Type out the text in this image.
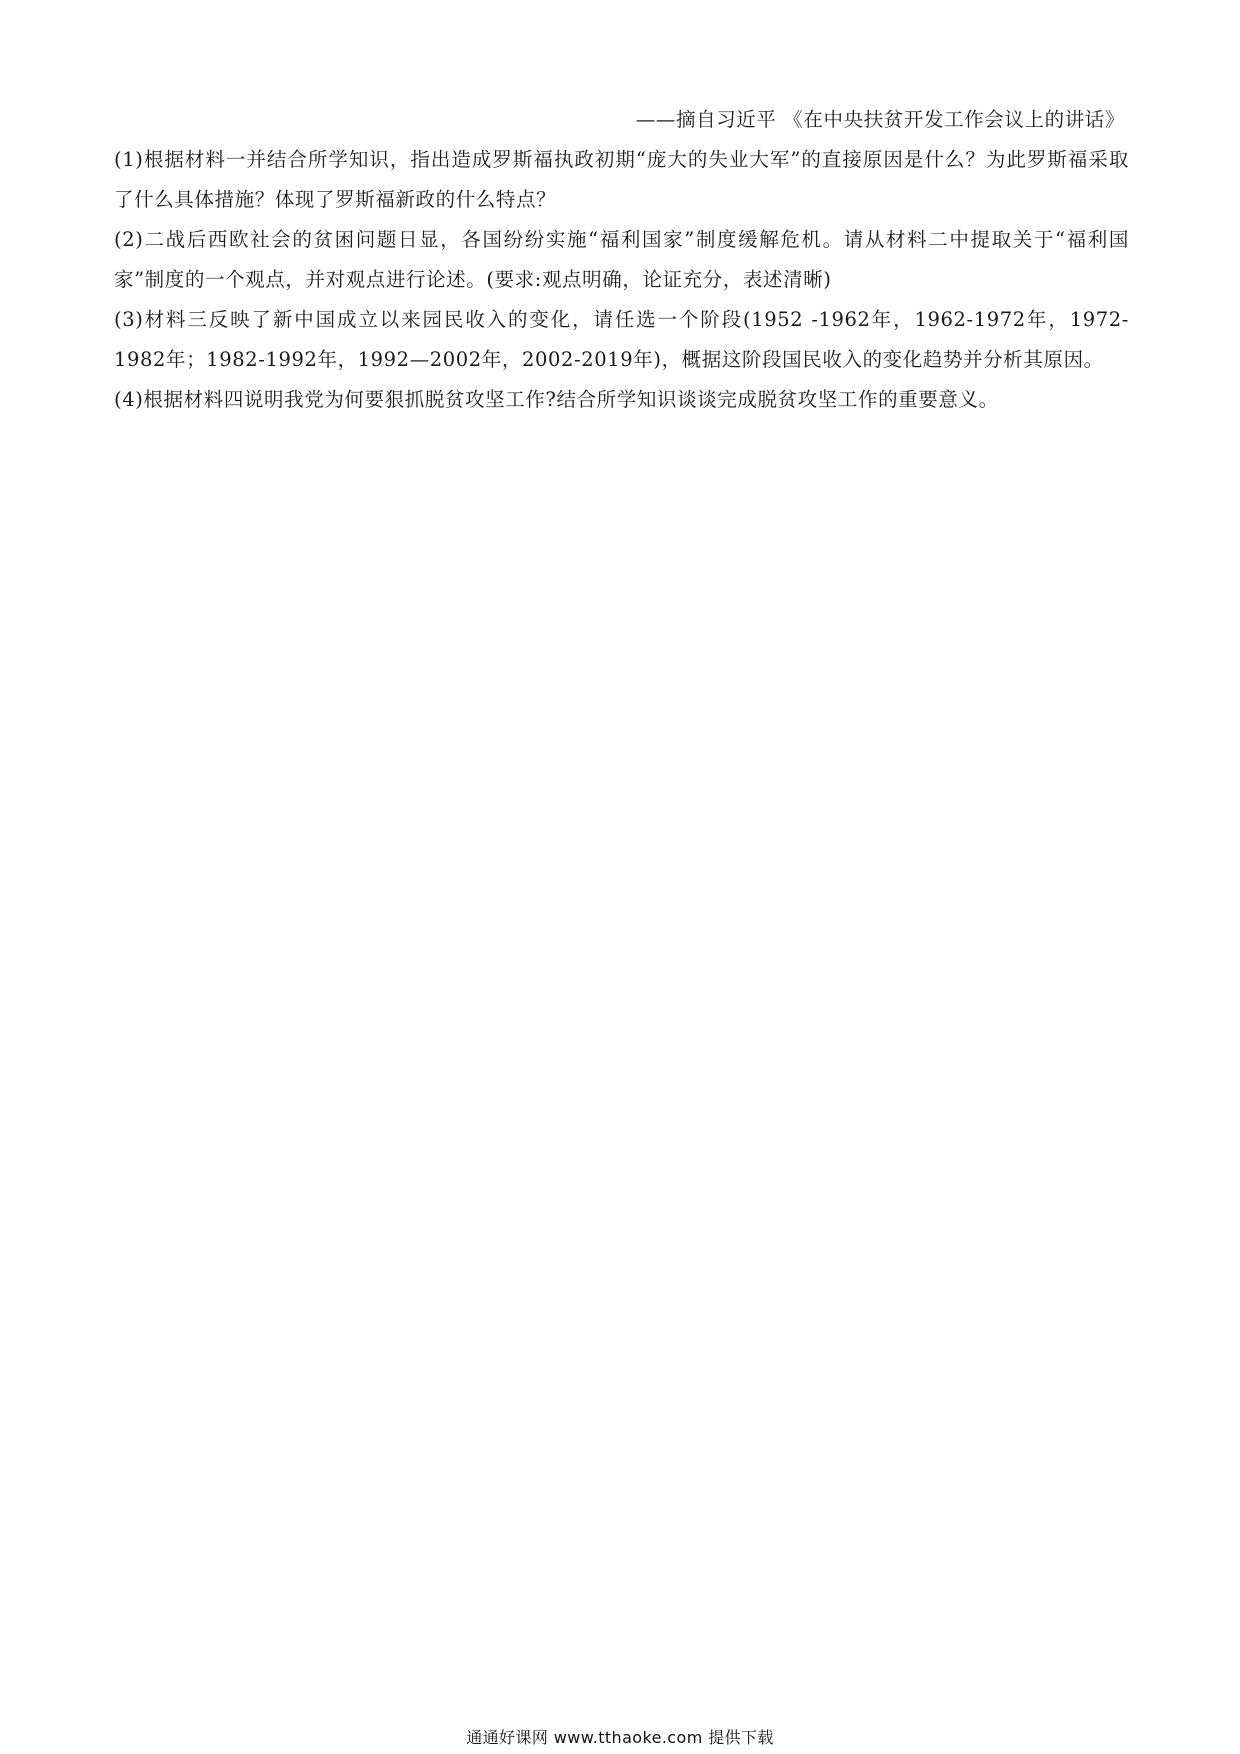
——摘自习近平 《在中央扶贫开发工作会议上的讲话》

(1)根据材料一并结合所学知识，指出造成罗斯福执政初期“庞大的失业大军”的直接原因是什么？为此罗斯福采取了什么具体措施？体现了罗斯福新政的什么特点？

(2)二战后西欧社会的贫困问题日显，各国纷纷实施“福利国家”制度缓解危机。请从材料二中提取关于“福利国家”制度的一个观点，并对观点进行论述。(要求:观点明确，论证充分，表述清晰)

(3)材料三反映了新中国成立以来园民收入的变化，请任选一个阶段(1952 -1962年，1962-1972年，1972-1982年；1982-1992年，1992—2002年，2002-2019年)，概据这阶段国民收入的变化趋势并分析其原因。

(4)根据材料四说明我党为何要狠抓脱贫攻坚工作?结合所学知识谈谈完成脱贫攻坚工作的重要意义。

通通好课网 www.tthaoke.com 提供下载
